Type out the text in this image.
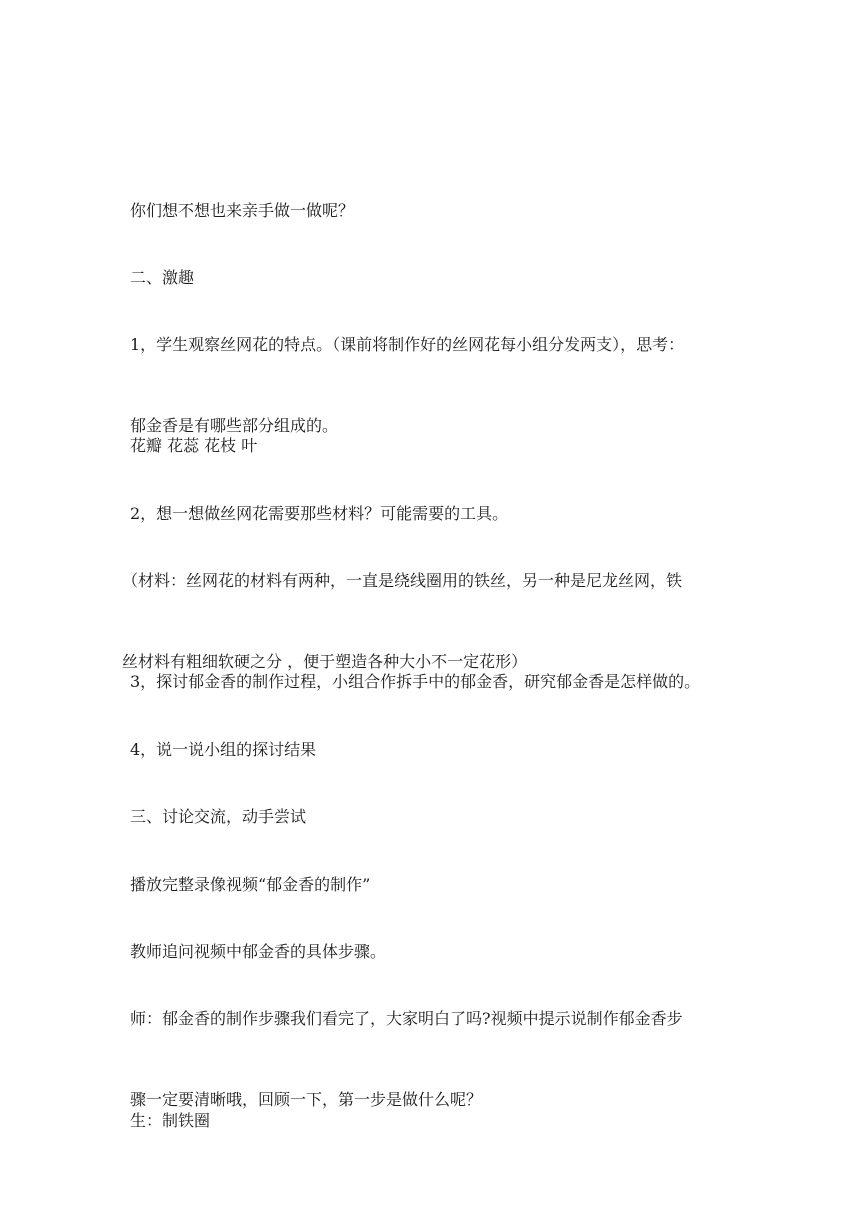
你们想不想也来亲手做一做呢？

二、激趣

1，学生观察丝网花的特点。（课前将制作好的丝网花每小组分发两支），思考：

郁金香是有哪些部分组成的。

花瓣 花蕊 花枝 叶

2，想一想做丝网花需要那些材料？可能需要的工具。

（材料：丝网花的材料有两种，一直是绕线圈用的铁丝，另一种是尼龙丝网，铁

丝材料有粗细软硬之分 ，便于塑造各种大小不一定花形）

3，探讨郁金香的制作过程，小组合作拆手中的郁金香，研究郁金香是怎样做的。

4，说一说小组的探讨结果

三、讨论交流，动手尝试

播放完整录像视频“郁金香的制作”

教师追问视频中郁金香的具体步骤。

师：郁金香的制作步骤我们看完了，大家明白了吗?视频中提示说制作郁金香步

骤一定要清晰哦，回顾一下，第一步是做什么呢？

生：制铁圈
